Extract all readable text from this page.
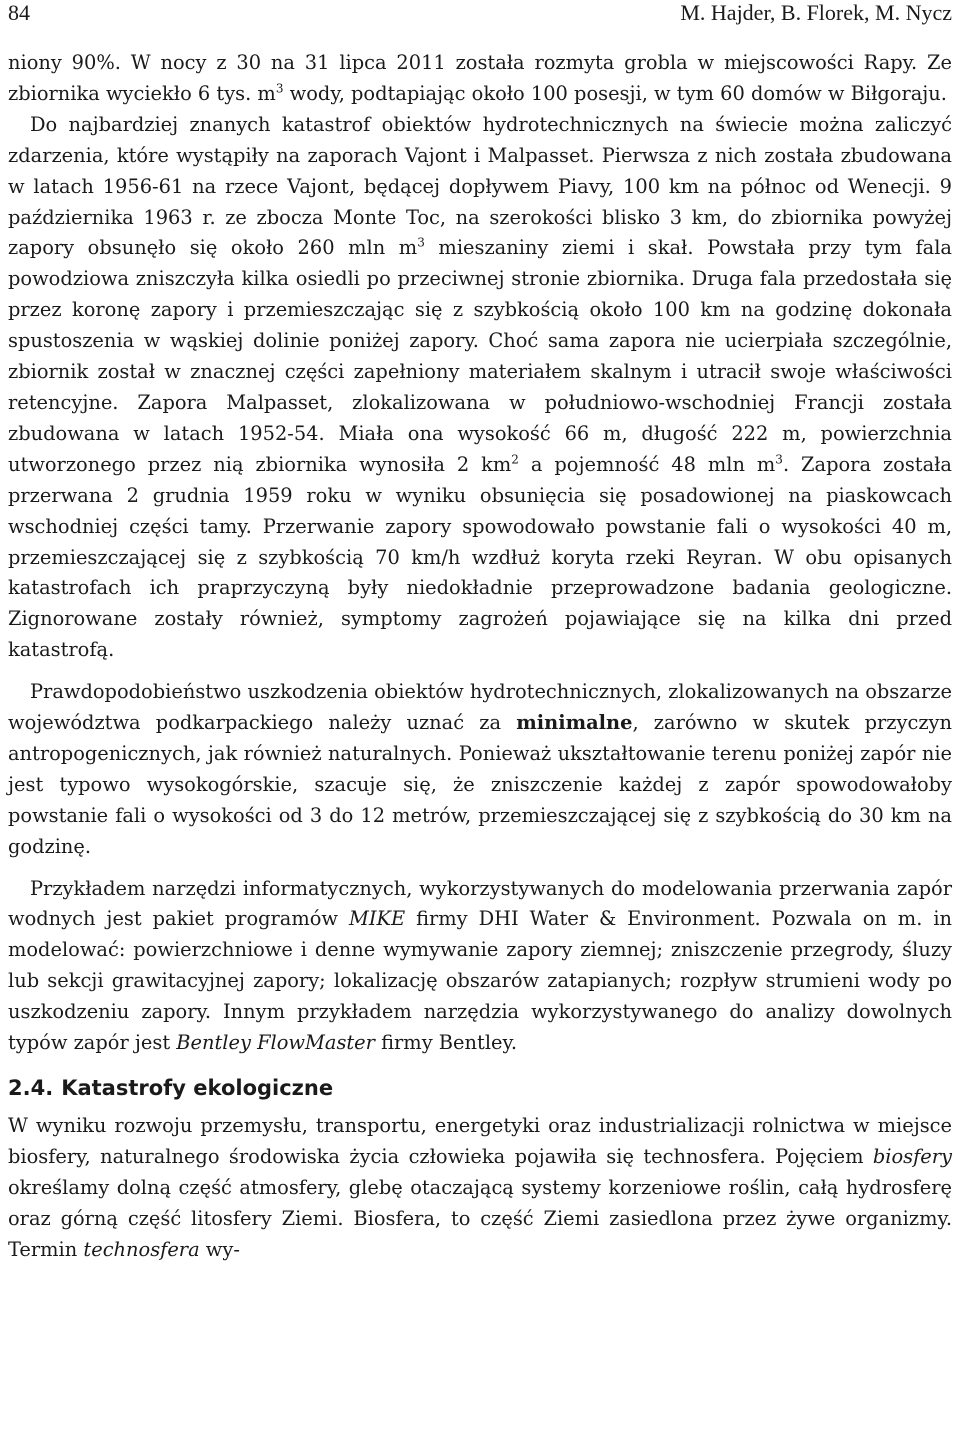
84	M. Hajder, B. Florek, M. Nycz

niony 90%. W nocy z 30 na 31 lipca 2011 została rozmyta grobla w miejscowości Rapy. Ze zbiornika wyciekło 6 tys. $m^3$ wody, podtapiając około 100 posesji, w tym 60 domów w Biłgoraju.

Do najbardziej znanych katastrof obiektów hydrotechnicznych na świecie można zaliczyć zdarzenia, które wystąpiły na zaporach Vajont i Malpasset. Pierwsza z nich została zbudowana w latach 1956-61 na rzece Vajont, będącej dopływem Piavy, 100 km na północ od Wenecji. 9 października 1963 r. ze zbocza Monte Toc, na szerokości blisko 3 km, do zbiornika powyżej zapory obsunęło się około 260 mln $m^3$ mieszaniny ziemi i skał. Powstała przy tym fala powodziowa zniszczyła kilka osiedli po przeciwnej stronie zbiornika. Druga fala przedostała się przez koronę zapory i przemieszczając się z szybkością około 100 km na godzinę dokonała spustoszenia w wąskiej dolinie poniżej zapory. Choć sama zapora nie ucierpiała szczególnie, zbiornik został w znacznej części zapełniony materiałem skalnym i utracił swoje właściwości retencyjne. Zapora Malpasset, zlokalizowana w południowo-wschodniej Francji została zbudowana w latach 1952-54. Miała ona wysokość 66 m, długość 222 m, powierzchnia utworzonego przez nią zbiornika wynosiła 2 $km^2$ a pojemność 48 mln $m^3$. Zapora została przerwana 2 grudnia 1959 roku w wyniku obsunięcia się posadowionej na piaskowcach wschodniej części tamy. Przerwanie zapory spowodowało powstanie fali o wysokości 40 m, przemieszczającej się z szybkością 70 km/h wzdłuż koryta rzeki Reyran. W obu opisanych katastrofach ich praprzyczyną były niedokładnie przeprowadzone badania geologiczne. Zignorowane zostały również, symptomy zagrożeń pojawiające się na kilka dni przed katastrofą.

Prawdopodobieństwo uszkodzenia obiektów hydrotechnicznych, zlokalizowanych na obszarze województwa podkarpackiego należy uznać za minimalne, zarówno w skutek przyczyn antropogenicznych, jak również naturalnych. Ponieważ ukształtowanie terenu poniżej zapór nie jest typowo wysokogórskie, szacuje się, że zniszczenie każdej z zapór spowodowałoby powstanie fali o wysokości od 3 do 12 metrów, przemieszczającej się z szybkością do 30 km na godzinę.

Przykładem narzędzi informatycznych, wykorzystywanych do modelowania przerwania zapór wodnych jest pakiet programów MIKE firmy DHI Water & Environment. Pozwala on m. in modelować: powierzchniowe i denne wymywanie zapory ziemnej; zniszczenie przegrody, śluzy lub sekcji grawitacyjnej zapory; lokalizację obszarów zatapianych; rozpływ strumieni wody po uszkodzeniu zapory. Innym przykładem narzędzia wykorzystywanego do analizy dowolnych typów zapór jest Bentley FlowMaster firmy Bentley.

2.4. Katastrofy ekologiczne

W wyniku rozwoju przemysłu, transportu, energetyki oraz industrializacji rolnictwa w miejsce biosfery, naturalnego środowiska życia człowieka pojawiła się technosfera. Pojęciem biosfery określamy dolną część atmosfery, glebę otaczającą systemy korzeniowe roślin, całą hydrosferę oraz górną część litosfery Ziemi. Biosfera, to część Ziemi zasiedlona przez żywe organizmy. Termin technosfera wy-
